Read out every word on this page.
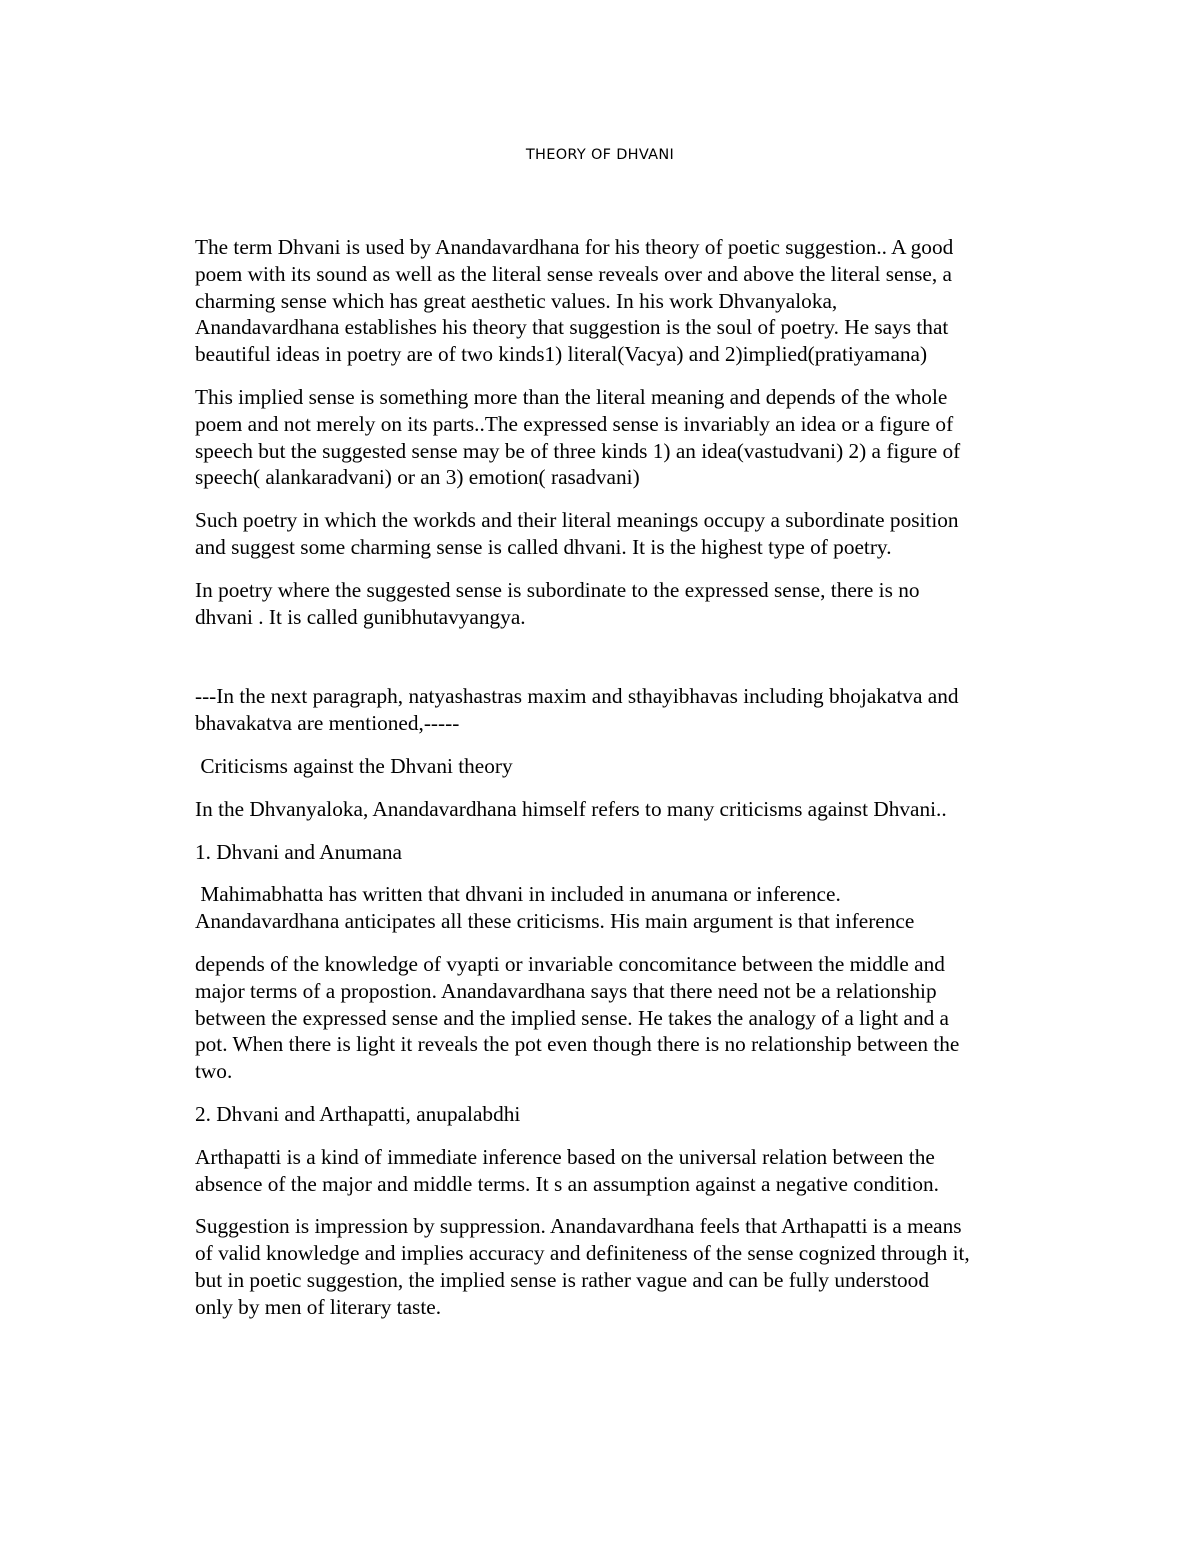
THEORY OF DHVANI

The term Dhvani is used by Anandavardhana for his theory of poetic suggestion.. A good
poem with its sound as well as the literal sense reveals over and above the literal sense, a
charming sense which has great aesthetic values. In his work Dhvanyaloka,
Anandavardhana establishes his theory that suggestion is the soul of poetry. He says that
beautiful ideas in poetry are of two kinds1) literal(Vacya) and 2)implied(pratiyamana)

This implied sense is something more than the literal meaning and depends of the whole
poem and not merely on its parts..The expressed sense is invariably an idea or a figure of
speech but the suggested sense may be of three kinds 1) an idea(vastudvani) 2) a figure of
speech( alankaradvani) or an 3) emotion( rasadvani)

Such poetry in which the workds and their literal meanings occupy a subordinate position
and suggest some charming sense is called dhvani. It is the highest type of poetry.

In poetry where the suggested sense is subordinate to the expressed sense, there is no
dhvani . It is called gunibhutavyangya.

---In the next paragraph, natyashastras maxim and sthayibhavas including bhojakatva and
bhavakatva are mentioned,-----

Criticisms against the Dhvani theory

In the Dhvanyaloka, Anandavardhana himself refers to many criticisms against Dhvani..

1. Dhvani and Anumana

Mahimabhatta has written that dhvani in included in anumana or inference.
Anandavardhana anticipates all these criticisms. His main argument is that inference

depends of the knowledge of vyapti or invariable concomitance between the middle and
major terms of a propostion. Anandavardhana says that there need not be a relationship
between the expressed sense and the implied sense. He takes the analogy of a light and a
pot. When there is light it reveals the pot even though there is no relationship between the
two.

2. Dhvani and Arthapatti, anupalabdhi

Arthapatti is a kind of immediate inference based on the universal relation between the
absence of the major and middle terms. It s an assumption against a negative condition.

Suggestion is impression by suppression. Anandavardhana feels that Arthapatti is a means
of valid knowledge and implies accuracy and definiteness of the sense cognized through it,
but in poetic suggestion, the implied sense is rather vague and can be fully understood
only by men of literary taste.
